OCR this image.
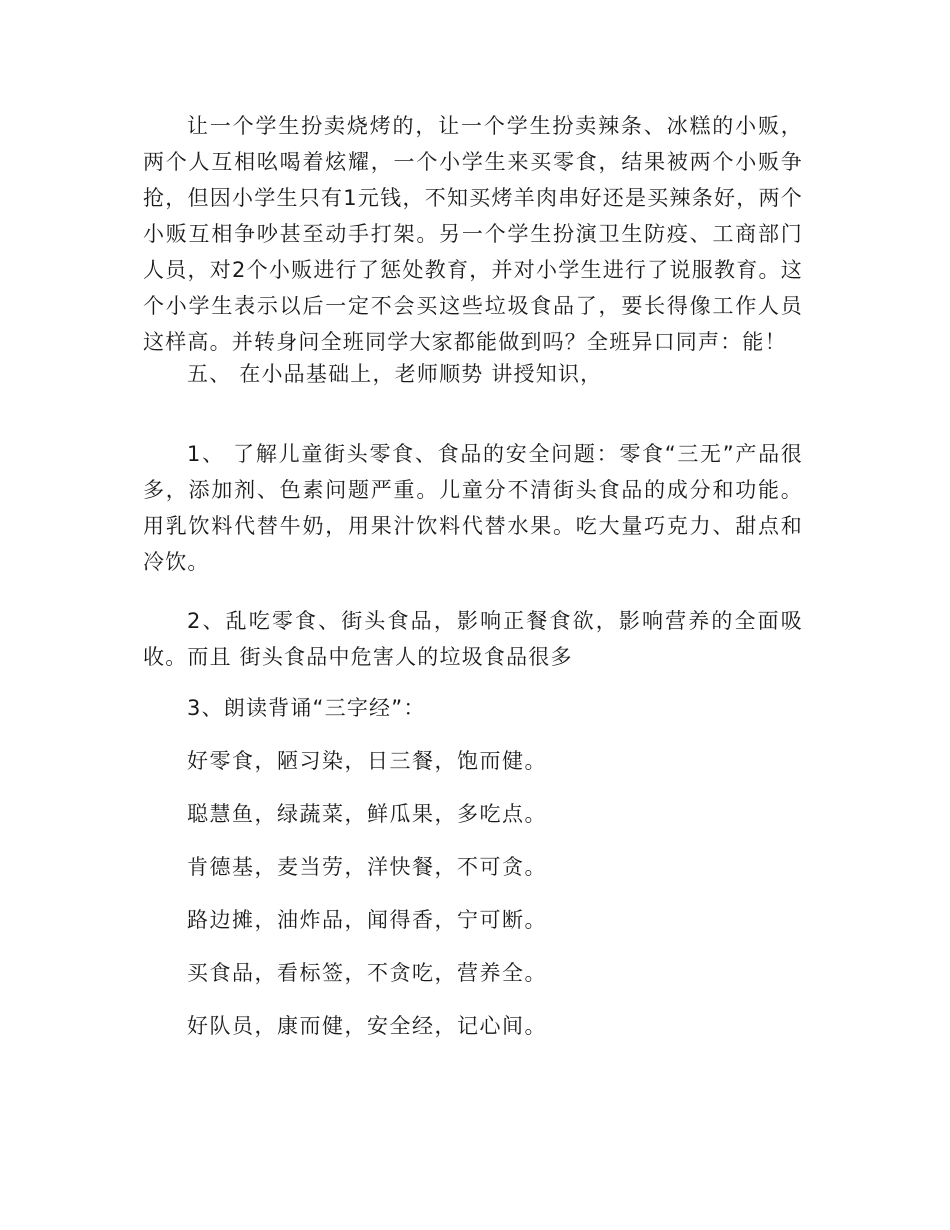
让一个学生扮卖烧烤的，让一个学生扮卖辣条、冰糕的小贩，两个人互相吆喝着炫耀，一个小学生来买零食，结果被两个小贩争抢，但因小学生只有1元钱，不知买烤羊肉串好还是买辣条好，两个小贩互相争吵甚至动手打架。另一个学生扮演卫生防疫、工商部门人员，对2个小贩进行了惩处教育，并对小学生进行了说服教育。这个小学生表示以后一定不会买这些垃圾食品了，要长得像工作人员这样高。并转身问全班同学大家都能做到吗？全班异口同声：能！

五、 在小品基础上，老师顺势 讲授知识，

1、 了解儿童街头零食、食品的安全问题：零食“三无”产品很多，添加剂、色素问题严重。儿童分不清街头食品的成分和功能。用乳饮料代替牛奶，用果汁饮料代替水果。吃大量巧克力、甜点和冷饮。

2、乱吃零食、街头食品，影响正餐食欲，影响营养的全面吸收。而且 街头食品中危害人的垃圾食品很多

3、朗读背诵“三字经”：

好零食，陋习染，日三餐，饱而健。

聪慧鱼，绿蔬菜，鲜瓜果，多吃点。

肯德基，麦当劳，洋快餐，不可贪。

路边摊，油炸品，闻得香，宁可断。

买食品，看标签，不贪吃，营养全。

好队员，康而健，安全经，记心间。
